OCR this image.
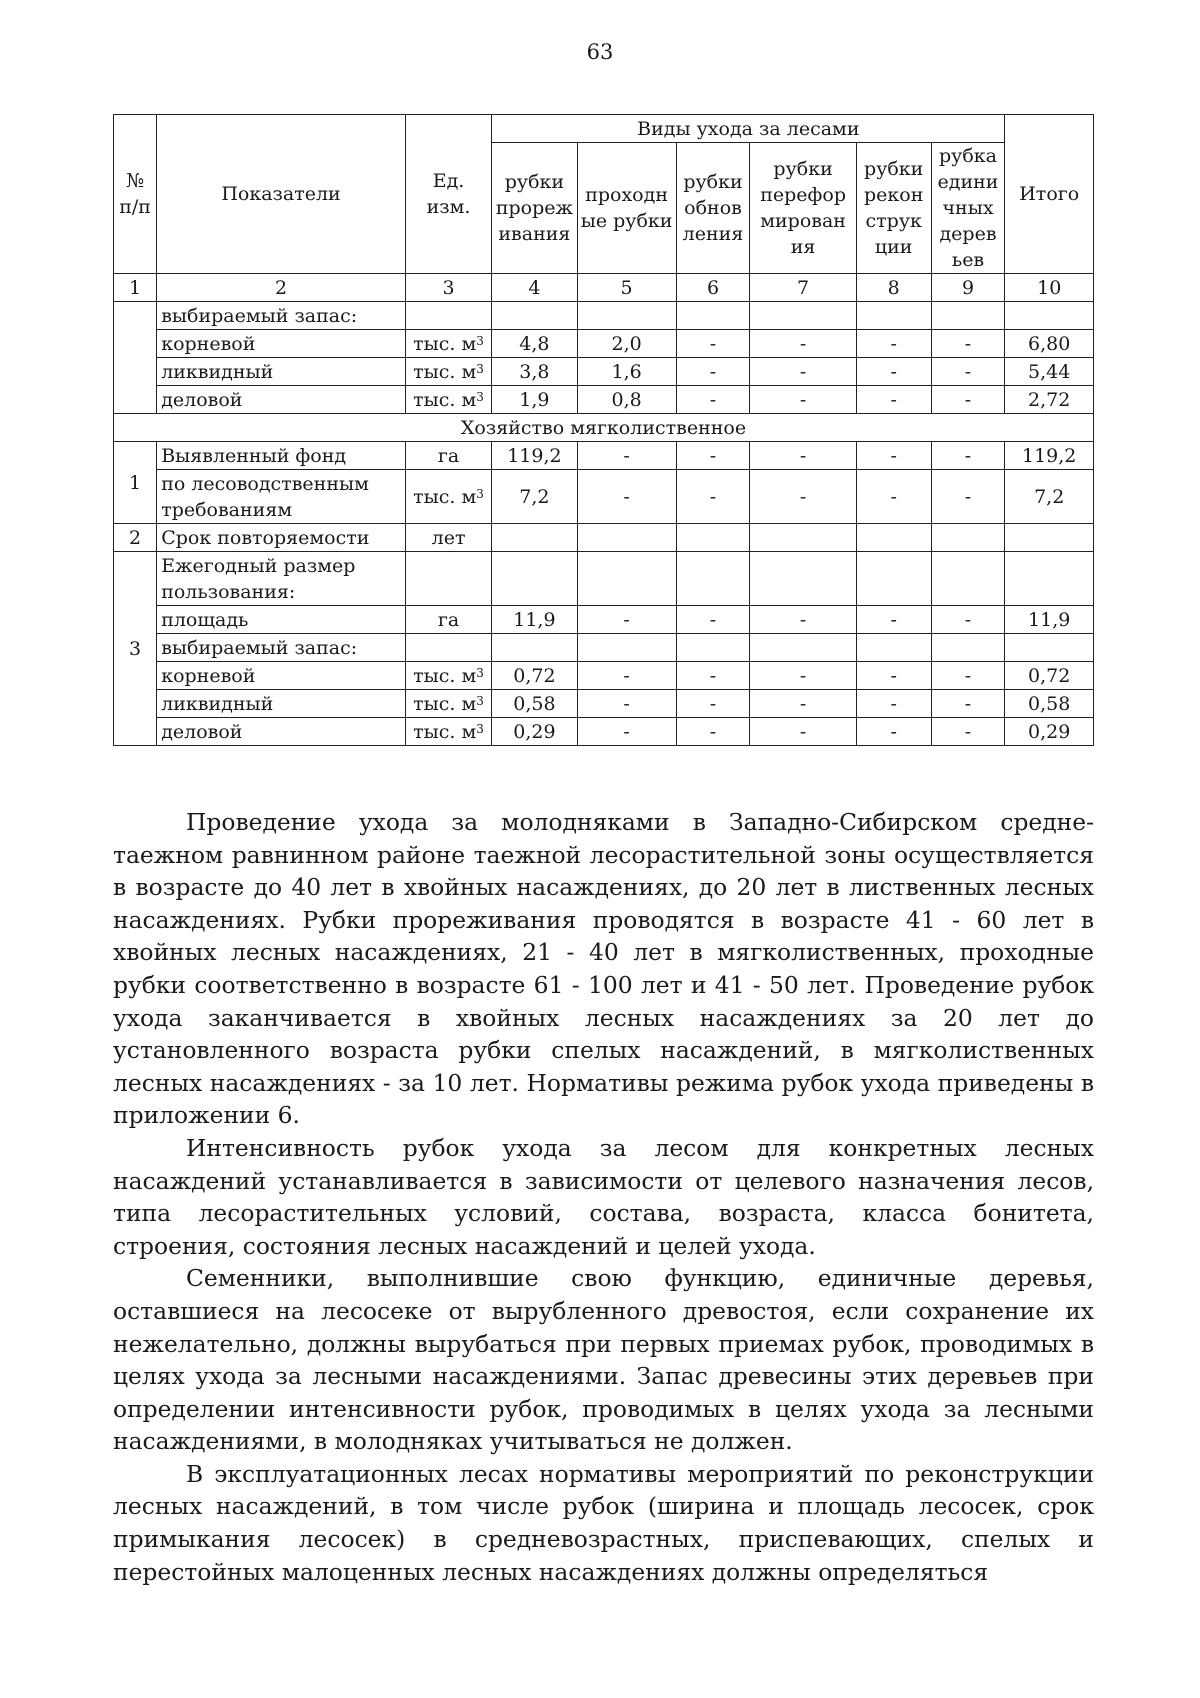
63
№ п/п	Показатели	Ед. изм.	Виды ухода за лесами						Итого
			рубки прореж ивания	проходн ые рубки	рубки обнов ления	рубки перефор мирован ия	рубки рекон струк ции	рубка едини чных дерев ьев	
1	2	3	4	5	6	7	8	9	10
	выбираемый запас:								
	корневой	тыс. $м^3$	4,8	2,0	-	-	-	-	6,80
	ликвидный	тыс. $м^3$	3,8	1,6	-	-	-	-	5,44
	деловой	тыс. $м^3$	1,9	0,8	-	-	-	-	2,72
Хозяйство мягколиственное									
1	Выявленный фонд	га	119,2	-	-	-	-	-	119,2
	по лесоводственным требованиям	тыс. $м^3$	7,2	-	-	-	-	-	7,2
2	Срок повторяемости	лет							
3	Ежегодный размер пользования:								
	площадь	га	11,9	-	-	-	-	-	11,9
	выбираемый запас:								
	корневой	тыс. $м^3$	0,72	-	-	-	-	-	0,72
	ликвидный	тыс. $м^3$	0,58	-	-	-	-	-	0,58
	деловой	тыс. $м^3$	0,29	-	-	-	-	-	0,29

Проведение ухода за молодняками в Западно-Сибирском средне-таежном равнинном районе таежной лесорастительной зоны осуществляется в возрасте до 40 лет в хвойных насаждениях, до 20 лет в лиственных лесных насаждениях. Рубки прореживания проводятся в возрасте 41 - 60 лет в хвойных лесных насаждениях, 21 - 40 лет в мягколиственных, проходные рубки соответственно в возрасте 61 - 100 лет и 41 - 50 лет. Проведение рубок ухода заканчивается в хвойных лесных насаждениях за 20 лет до установленного возраста рубки спелых насаждений, в мягколиственных лесных насаждениях - за 10 лет. Нормативы режима рубок ухода приведены в приложении 6.

Интенсивность рубок ухода за лесом для конкретных лесных насаждений устанавливается в зависимости от целевого назначения лесов, типа лесорастительных условий, состава, возраста, класса бонитета, строения, состояния лесных насаждений и целей ухода.

Семенники, выполнившие свою функцию, единичные деревья, оставшиеся на лесосеке от вырубленного древостоя, если сохранение их нежелательно, должны вырубаться при первых приемах рубок, проводимых в целях ухода за лесными насаждениями. Запас древесины этих деревьев при определении интенсивности рубок, проводимых в целях ухода за лесными насаждениями, в молодняках учитываться не должен.

В эксплуатационных лесах нормативы мероприятий по реконструкции лесных насаждений, в том числе рубок (ширина и площадь лесосек, срок примыкания лесосек) в средневозрастных, приспевающих, спелых и перестойных малоценных лесных насаждениях должны определяться
